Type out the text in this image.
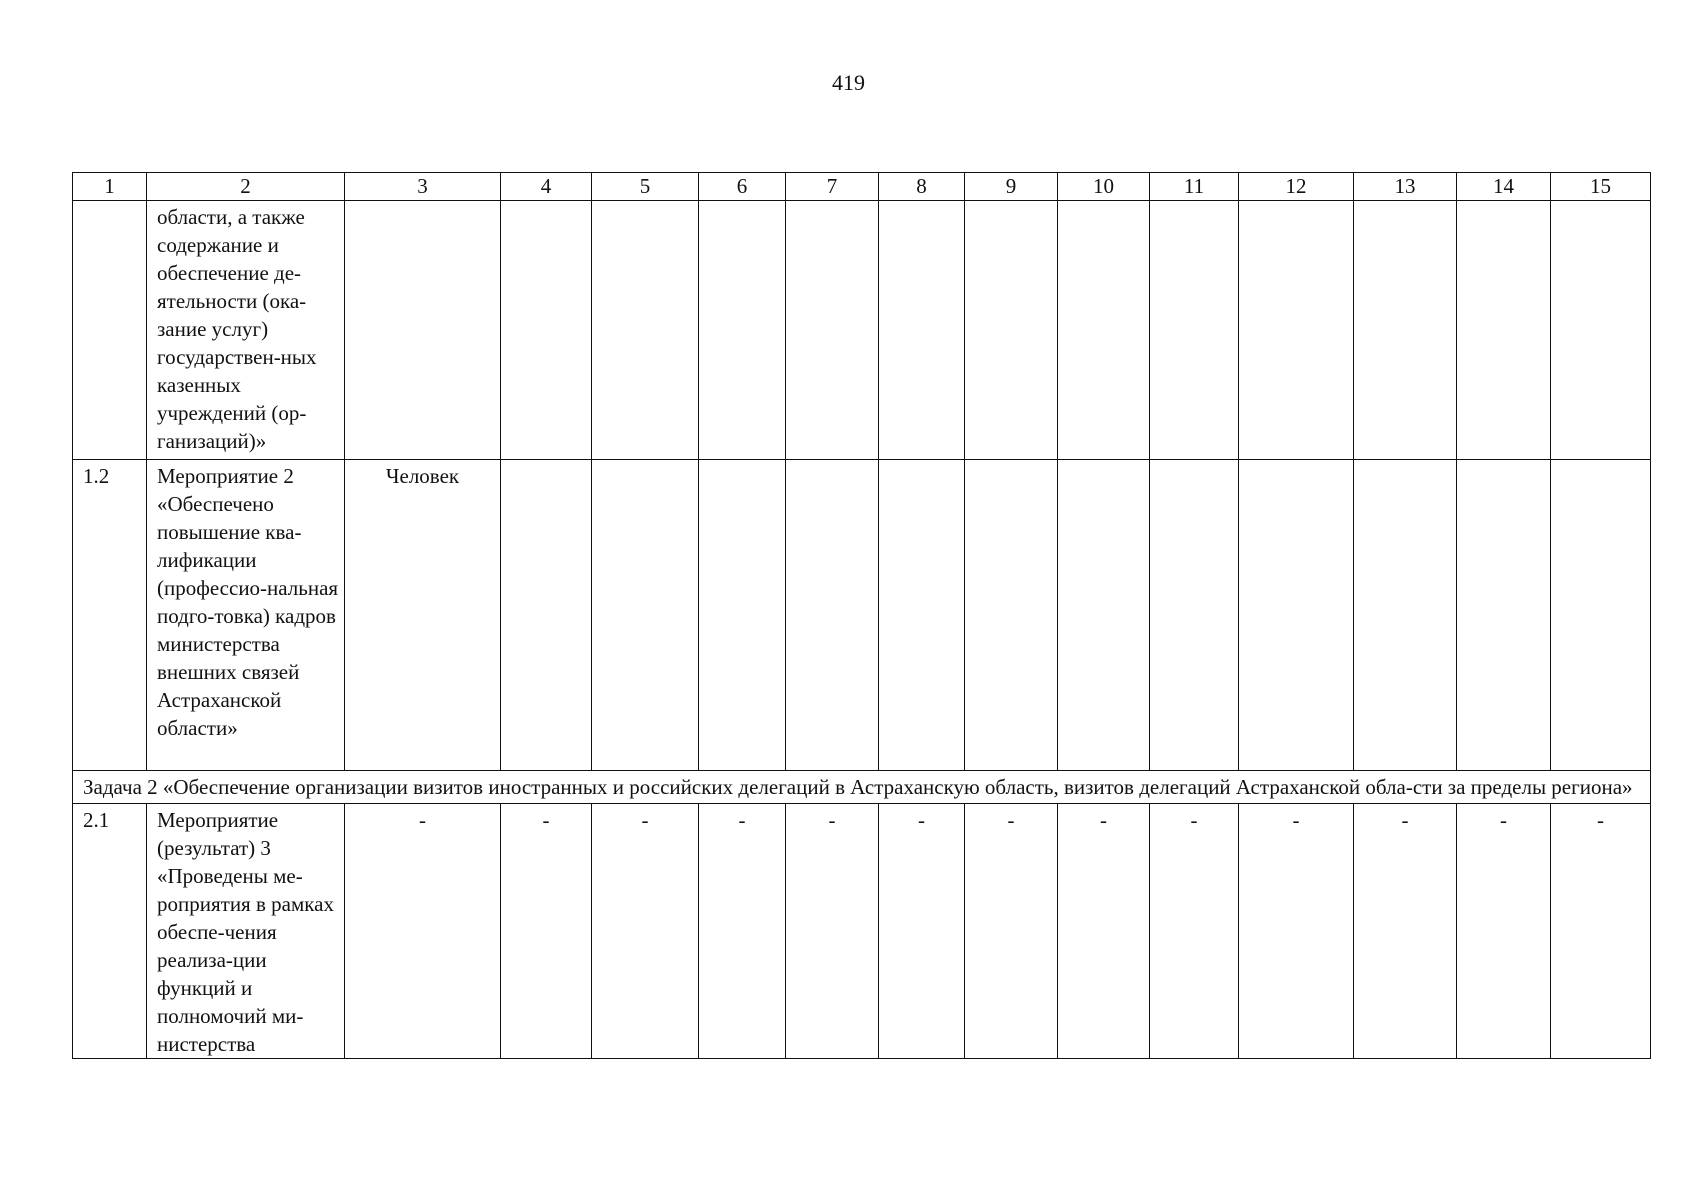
419
1	2	3	4	5	6	7	8	9	10	11	12	13	14	15
	области, а также содержание и обеспечение де-ятельности (ока-зание услуг) государствен-ных казенных учреждений (ор-ганизаций)»													
1.2	Мероприятие 2 «Обеспечено повышение ква-лификации (профессио-нальная подго-товка) кадров министерства внешних связей Астраханской области»	Человек												
Задача 2 «Обеспечение организации визитов иностранных и российских делегаций в Астраханскую область, визитов делегаций Астраханской обла-сти за пределы региона»														
2.1	Мероприятие (результат) 3 «Проведены ме-роприятия в рамках обеспе-чения реализа-ции функций и полномочий ми-нистерства	-	-	-	-	-	-	-	-	-	-	-	-	-
